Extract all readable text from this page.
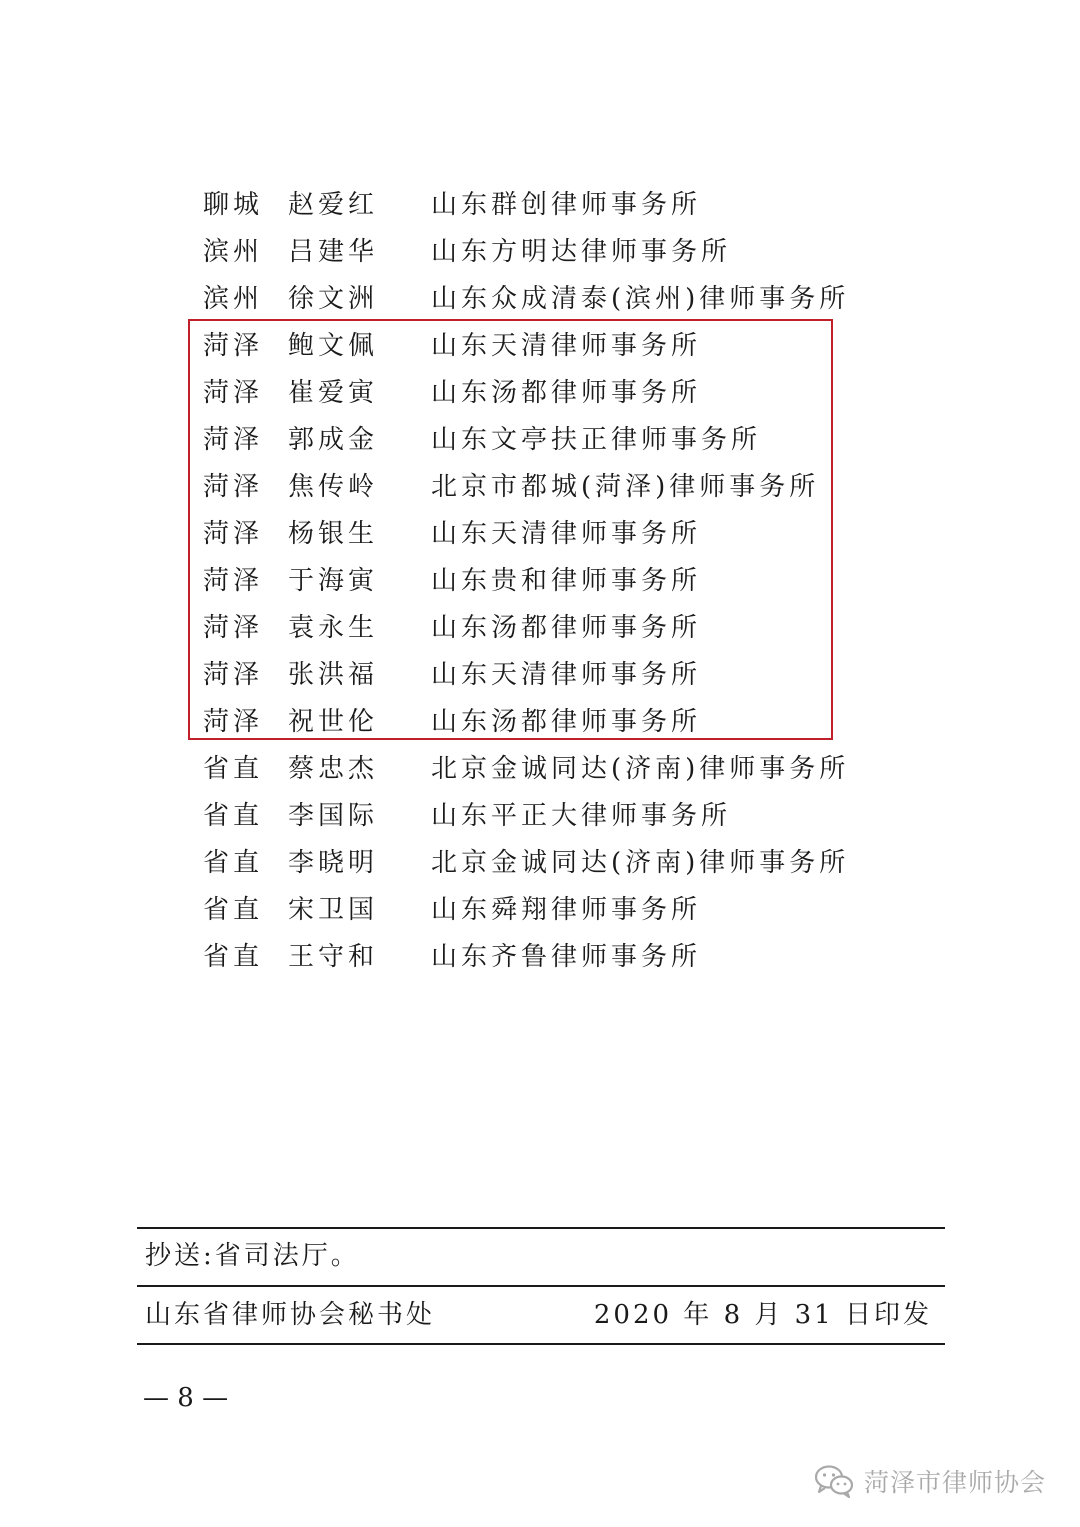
聊城 赵爱红 山东群创律师事务所
滨州 吕建华 山东方明达律师事务所
滨州 徐文洲 山东众成清泰(滨州)律师事务所
菏泽 鲍文佩 山东天清律师事务所
菏泽 崔爱寅 山东汤都律师事务所
菏泽 郭成金 山东文亭扶正律师事务所
菏泽 焦传岭 北京市都城(菏泽)律师事务所
菏泽 杨银生 山东天清律师事务所
菏泽 于海寅 山东贵和律师事务所
菏泽 袁永生 山东汤都律师事务所
菏泽 张洪福 山东天清律师事务所
菏泽 祝世伦 山东汤都律师事务所
省直 蔡忠杰 北京金诚同达(济南)律师事务所
省直 李国际 山东平正大律师事务所
省直 李晓明 北京金诚同达(济南)律师事务所
省直 宋卫国 山东舜翔律师事务所
省直 王守和 山东齐鲁律师事务所
抄送:省司法厅。
山东省律师协会秘书处	2020 年 8 月 31 日印发
— 8 —
菏泽市律师协会
